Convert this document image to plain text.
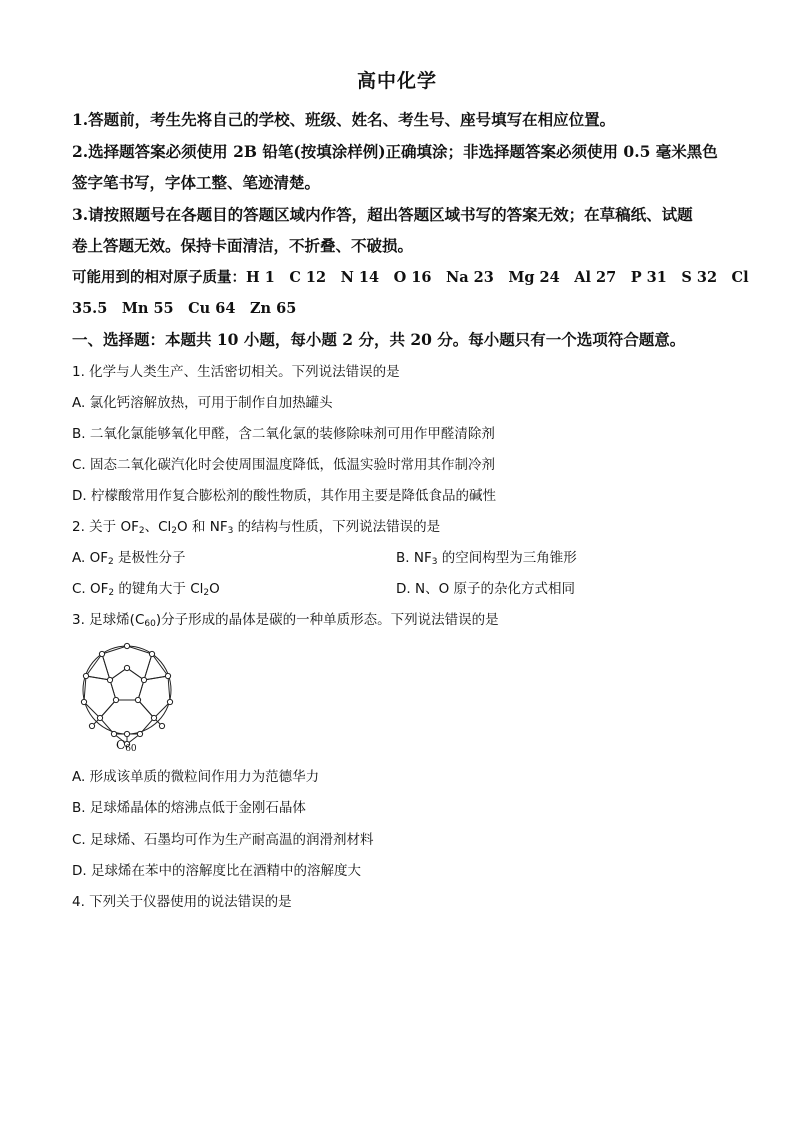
高中化学
1.答题前，考生先将自己的学校、班级、姓名、考生号、座号填写在相应位置。
2.选择题答案必须使用 2B 铅笔(按填涂样例)正确填涂；非选择题答案必须使用 0.5 毫米黑色
签字笔书写，字体工整、笔迹清楚。
3.请按照题号在各题目的答题区域内作答，超出答题区域书写的答案无效；在草稿纸、试题
卷上答题无效。保持卡面清洁，不折叠、不破损。
可能用到的相对原子质量：H 1　C 12　N 14　O 16　Na 23　Mg 24　Al 27　P 31　S 32　Cl
35.5　Mn 55　Cu 64　Zn 65
一、选择题：本题共 10 小题，每小题 2 分，共 20 分。每小题只有一个选项符合题意。
1. 化学与人类生产、生活密切相关。下列说法错误的是
A. 氯化钙溶解放热，可用于制作自加热罐头
B. 二氧化氯能够氧化甲醛，含二氧化氯的装修除味剂可用作甲醛清除剂
C. 固态二氧化碳汽化时会使周围温度降低，低温实验时常用其作制冷剂
D. 柠檬酸常用作复合膨松剂的酸性物质，其作用主要是降低食品的碱性
2. 关于 $OF_2$、$Cl_2O$ 和 $NF_3$ 的结构与性质，下列说法错误的是
A. $OF_2$ 是极性分子	B. $NF_3$ 的空间构型为三角锥形
C. $OF_2$ 的键角大于 $Cl_2O$	D. N、O 原子的杂化方式相同
3. 足球烯$(C_{60})$分子形成的晶体是碳的一种单质形态。下列说法错误的是
$C_{60}$
A. 形成该单质的微粒间作用力为范德华力
B. 足球烯晶体的熔沸点低于金刚石晶体
C. 足球烯、石墨均可作为生产耐高温的润滑剂材料
D. 足球烯在苯中的溶解度比在酒精中的溶解度大
4. 下列关于仪器使用的说法错误的是
